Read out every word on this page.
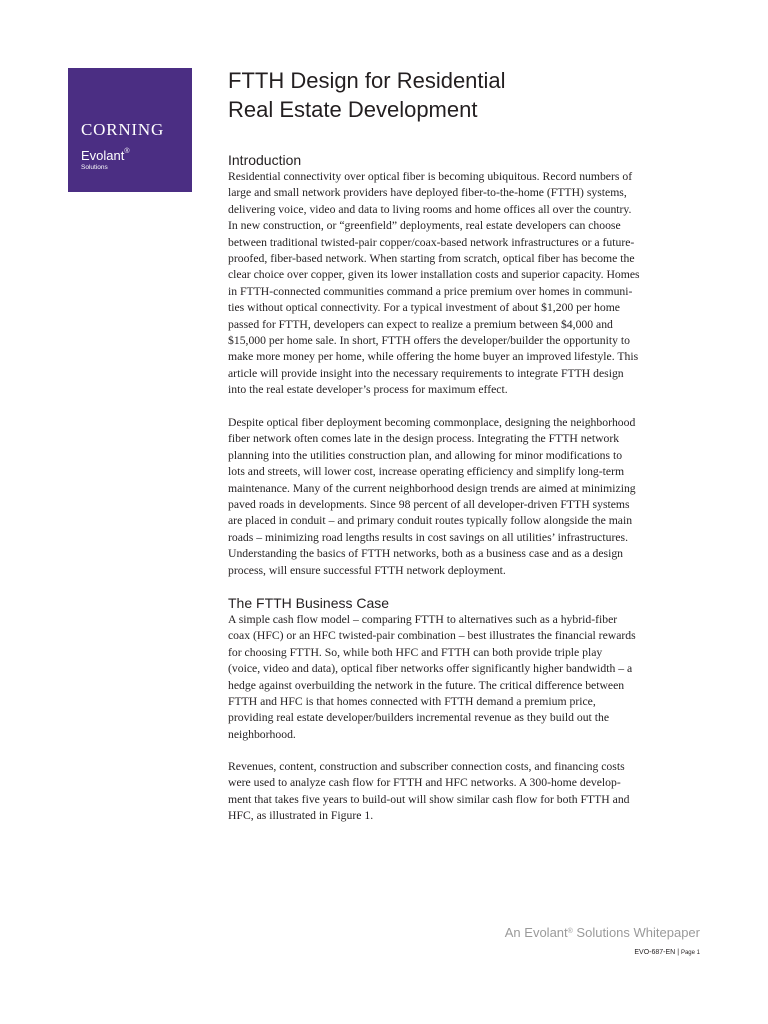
CORNING
Evolant®
Solutions
FTTH Design for Residential
Real Estate Development
Introduction
Residential connectivity over optical fiber is becoming ubiquitous. Record numbers of
large and small network providers have deployed fiber-to-the-home (FTTH) systems,
delivering voice, video and data to living rooms and home offices all over the country.
In new construction, or “greenfield” deployments, real estate developers can choose
between traditional twisted-pair copper/coax-based network infrastructures or a future-
proofed, fiber-based network. When starting from scratch, optical fiber has become the
clear choice over copper, given its lower installation costs and superior capacity. Homes
in FTTH-connected communities command a price premium over homes in communi-
ties without optical connectivity. For a typical investment of about $1,200 per home
passed for FTTH, developers can expect to realize a premium between $4,000 and
$15,000 per home sale. In short, FTTH offers the developer/builder the opportunity to
make more money per home, while offering the home buyer an improved lifestyle. This
article will provide insight into the necessary requirements to integrate FTTH design
into the real estate developer’s process for maximum effect.
Despite optical fiber deployment becoming commonplace, designing the neighborhood
fiber network often comes late in the design process. Integrating the FTTH network
planning into the utilities construction plan, and allowing for minor modifications to
lots and streets, will lower cost, increase operating efficiency and simplify long-term
maintenance. Many of the current neighborhood design trends are aimed at minimizing
paved roads in developments. Since 98 percent of all developer-driven FTTH systems
are placed in conduit – and primary conduit routes typically follow alongside the main
roads – minimizing road lengths results in cost savings on all utilities’ infrastructures.
Understanding the basics of FTTH networks, both as a business case and as a design
process, will ensure successful FTTH network deployment.
The FTTH Business Case
A simple cash flow model – comparing FTTH to alternatives such as a hybrid-fiber
coax (HFC) or an HFC twisted-pair combination – best illustrates the financial rewards
for choosing FTTH. So, while both HFC and FTTH can both provide triple play
(voice, video and data), optical fiber networks offer significantly higher bandwidth – a
hedge against overbuilding the network in the future. The critical difference between
FTTH and HFC is that homes connected with FTTH demand a premium price,
providing real estate developer/builders incremental revenue as they build out the
neighborhood.
Revenues, content, construction and subscriber connection costs, and financing costs
were used to analyze cash flow for FTTH and HFC networks. A 300-home develop-
ment that takes five years to build-out will show similar cash flow for both FTTH and
HFC, as illustrated in Figure 1.
An Evolant® Solutions Whitepaper
EVO-687-EN | Page 1
